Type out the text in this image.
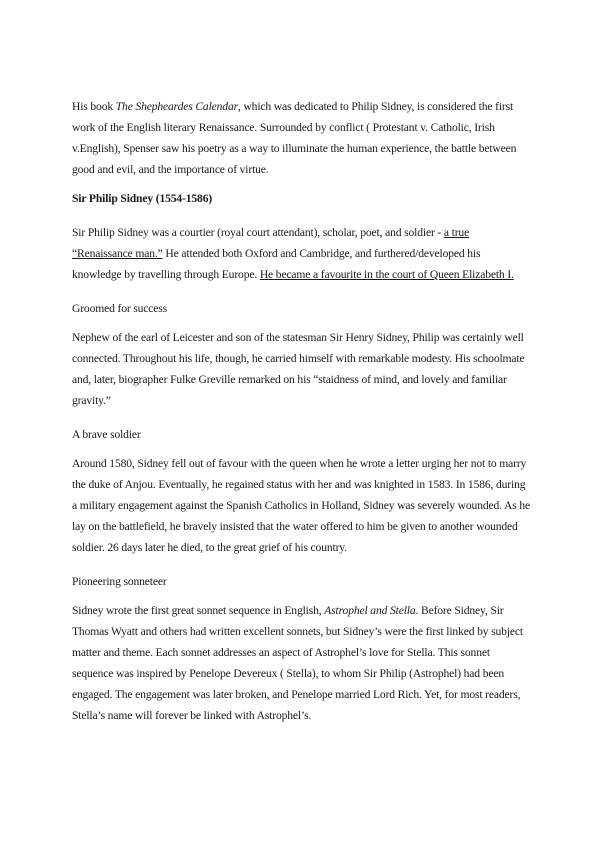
His book The Shepheardes Calendar, which was dedicated to Philip Sidney, is considered the first work of the English literary Renaissance. Surrounded by conflict ( Protestant v. Catholic, Irish v.English), Spenser saw his poetry as a way to illuminate the human experience, the battle between good and evil, and the importance of virtue.

Sir Philip Sidney (1554-1586)

Sir Philip Sidney was a courtier (royal court attendant), scholar, poet, and soldier - a true “Renaissance man.” He attended both Oxford and Cambridge, and furthered/developed his knowledge by travelling through Europe. He became a favourite in the court of Queen Elizabeth I.

Groomed for success

Nephew of the earl of Leicester and son of the statesman Sir Henry Sidney, Philip was certainly well connected. Throughout his life, though, he carried himself with remarkable modesty. His schoolmate and, later, biographer Fulke Greville remarked on his “staidness of mind, and lovely and familiar gravity.”

A brave soldier

Around 1580, Sidney fell out of favour with the queen when he wrote a letter urging her not to marry the duke of Anjou. Eventually, he regained status with her and was knighted in 1583. In 1586, during a military engagement against the Spanish Catholics in Holland, Sidney was severely wounded. As he lay on the battlefield, he bravely insisted that the water offered to him be given to another wounded soldier. 26 days later he died, to the great grief of his country.

Pioneering sonneteer

Sidney wrote the first great sonnet sequence in English, Astrophel and Stella. Before Sidney, Sir Thomas Wyatt and others had written excellent sonnets, but Sidney’s were the first linked by subject matter and theme. Each sonnet addresses an aspect of Astrophel’s love for Stella. This sonnet sequence was inspired by Penelope Devereux ( Stella), to whom Sir Philip (Astrophel) had been engaged. The engagement was later broken, and Penelope married Lord Rich. Yet, for most readers, Stella’s name will forever be linked with Astrophel’s.
